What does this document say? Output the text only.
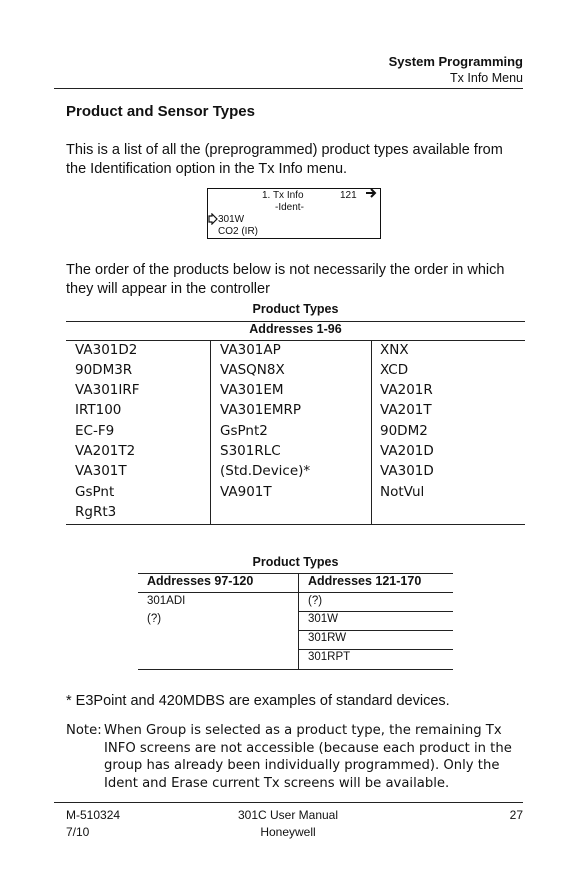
System Programming
Tx Info Menu
Product and Sensor Types
This is a list of all the (preprogrammed) product types available from the Identification option in the Tx Info menu.
1. Tx Info	121
-Ident-
301W
CO2 (IR)
The order of the products below is not necessarily the order in which they will appear in the controller
Product Types
Addresses 1-96
VA301D2
90DM3R
VA301IRF
IRT100
EC-F9
VA201T2
VA301T
GsPnt
RgRt3
VA301AP
VASQN8X
VA301EM
VA301EMRP
GsPnt2
S301RLC
(Std.Device)*
VA901T
XNX
XCD
VA201R
VA201T
90DM2
VA201D
VA301D
NotVul
Product Types
Addresses 97-120	Addresses 121-170
301ADI
(?)
(?)
301W
301RW
301RPT
* E3Point and 420MDBS are examples of standard devices.
Note: When Group is selected as a product type, the remaining Tx INFO screens are not accessible (because each product in the group has already been individually programmed). Only the Ident and Erase current Tx screens will be available.
M-510324
7/10
301C User Manual
Honeywell
27
